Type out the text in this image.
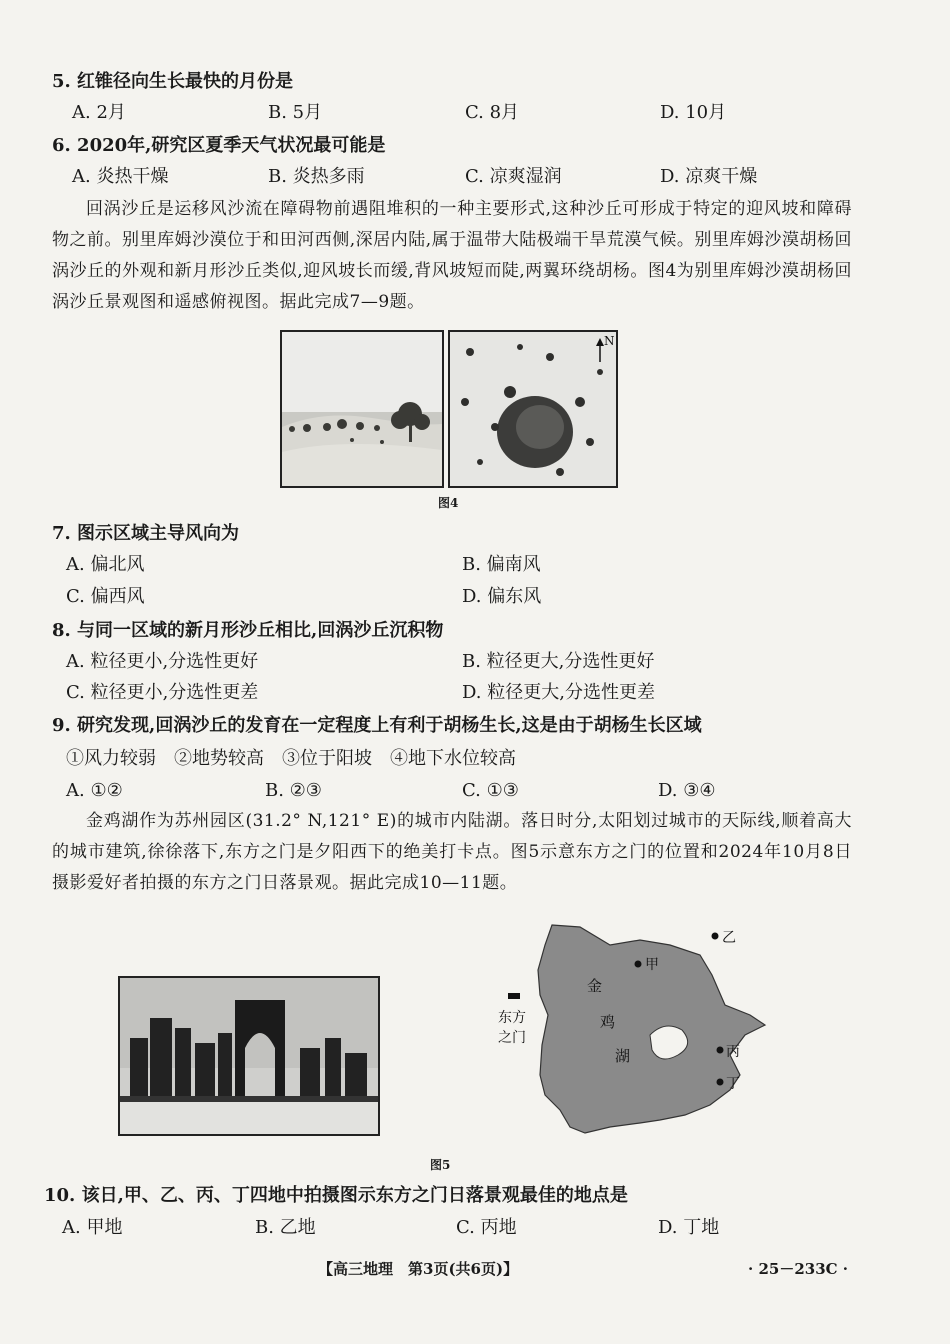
5. 红锥径向生长最快的月份是
A. 2月	B. 5月	C. 8月	D. 10月
6. 2020年,研究区夏季天气状况最可能是
A. 炎热干燥	B. 炎热多雨	C. 凉爽湿润	D. 凉爽干燥

回涡沙丘是运移风沙流在障碍物前遇阻堆积的一种主要形式,这种沙丘可形成于特定的迎风坡和障碍物之前。别里库姆沙漠位于和田河西侧,深居内陆,属于温带大陆极端干旱荒漠气候。别里库姆沙漠胡杨回涡沙丘的外观和新月形沙丘类似,迎风坡长而缓,背风坡短而陡,两翼环绕胡杨。图4为别里库姆沙漠胡杨回涡沙丘景观图和遥感俯视图。据此完成7—9题。

N
图4
7. 图示区域主导风向为
A. 偏北风	B. 偏南风
C. 偏西风	D. 偏东风
8. 与同一区域的新月形沙丘相比,回涡沙丘沉积物
A. 粒径更小,分选性更好	B. 粒径更大,分选性更好
C. 粒径更小,分选性更差	D. 粒径更大,分选性更差
9. 研究发现,回涡沙丘的发育在一定程度上有利于胡杨生长,这是由于胡杨生长区域
①风力较弱　②地势较高　③位于阳坡　④地下水位较高
A. ①②	B. ②③	C. ①③	D. ③④

金鸡湖作为苏州园区(31.2° N,121° E)的城市内陆湖。落日时分,太阳划过城市的天际线,顺着高大的城市建筑,徐徐落下,东方之门是夕阳西下的绝美打卡点。图5示意东方之门的位置和2024年10月8日摄影爱好者拍摄的东方之门日落景观。据此完成10—11题。

东方
之门
金
鸡
湖
甲
乙
丙
丁
图5
10. 该日,甲、乙、丙、丁四地中拍摄图示东方之门日落景观最佳的地点是
A. 甲地	B. 乙地	C. 丙地	D. 丁地
【高三地理　第3页(共6页)】	· 25－233C ·
